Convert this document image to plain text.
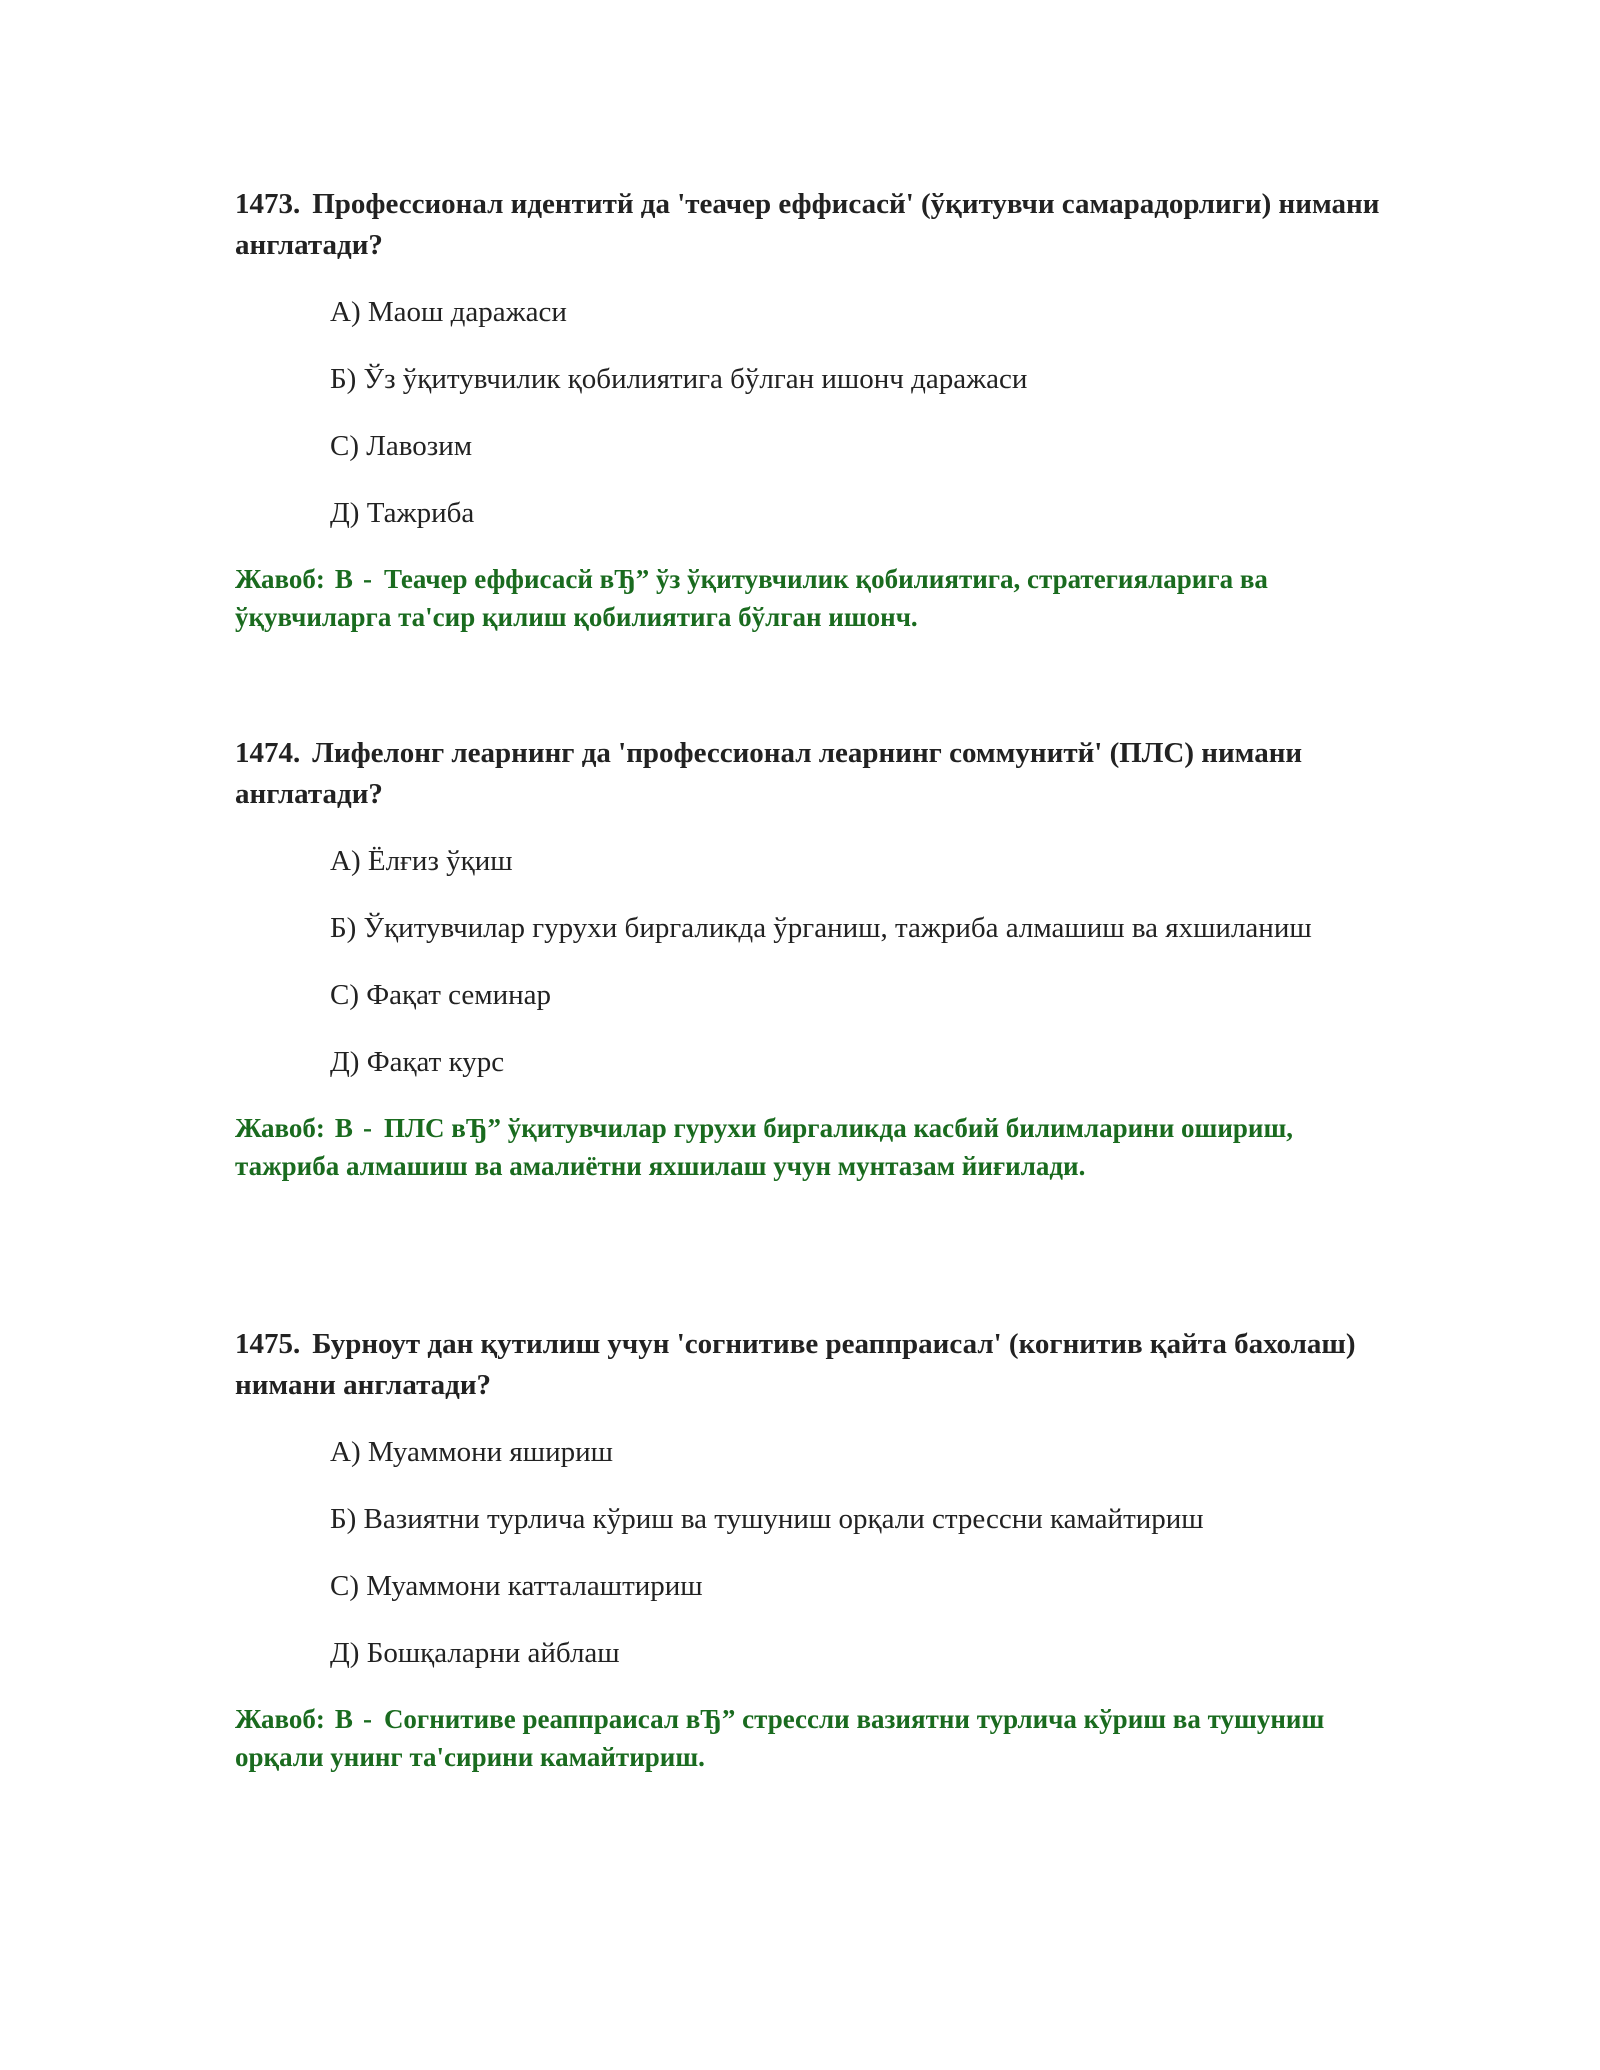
1473. Профессионал идентитй да 'теачер еффисасй' (ўқитувчи самарадорлиги) нимани англатади?

А) Маош даражаси

Б) Ўз ўқитувчилик қобилиятига бўлган ишонч даражаси

С) Лавозим

Д) Тажриба

Жавоб: В - Теачер еффисасй вЂ” ўз ўқитувчилик қобилиятига, стратегияларига ва ўқувчиларга та'сир қилиш қобилиятига бўлган ишонч.

1474. Лифелонг леарнинг да 'профессионал леарнинг соммунитй' (ПЛС) нимани англатади?

А) Ёлғиз ўқиш

Б) Ўқитувчилар гурухи биргаликда ўрганиш, тажриба алмашиш ва яхшиланиш

С) Фақат семинар

Д) Фақат курс

Жавоб: В - ПЛС вЂ” ўқитувчилар гурухи биргаликда касбий билимларини ошириш, тажриба алмашиш ва амалиётни яхшилаш учун мунтазам йиғилади.

1475. Бурноут дан қутилиш учун 'согнитиве реаппраисал' (когнитив қайта бахолаш) нимани англатади?

А) Муаммони яшириш

Б) Вазиятни турлича кўриш ва тушуниш орқали стрессни камайтириш

С) Муаммони катталаштириш

Д) Бошқаларни айблаш

Жавоб: В - Согнитиве реаппраисал вЂ” стрессли вазиятни турлича кўриш ва тушуниш орқали унинг та'сирини камайтириш.
